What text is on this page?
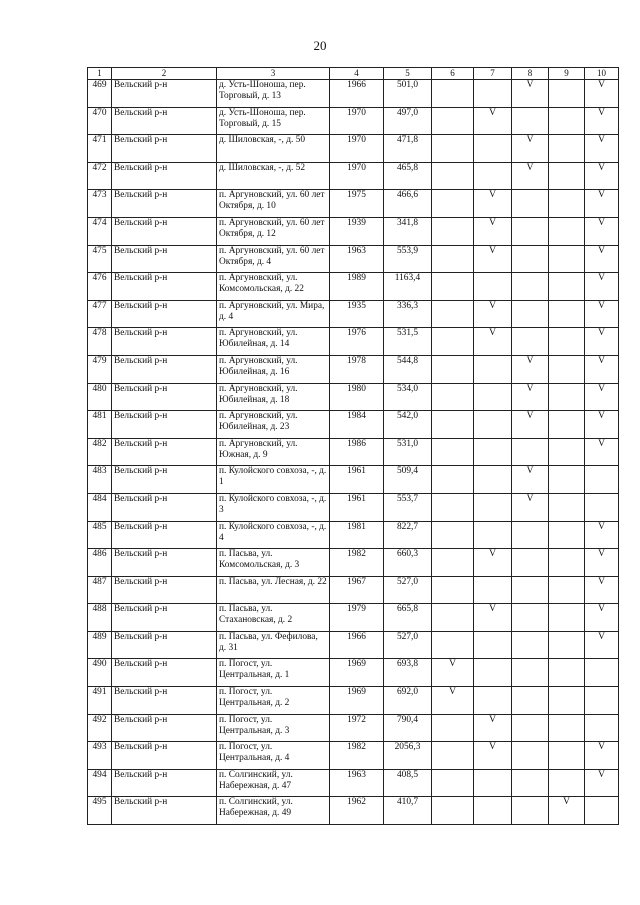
20
1	2	3	4	5	6	7	8	9	10
469	Вельский р-н	д. Усть-Шоноша, пер. Торговый, д. 13	1966	501,0			V		V
470	Вельский р-н	д. Усть-Шоноша, пер. Торговый, д. 15	1970	497,0		V			V
471	Вельский р-н	д. Шиловская, -, д. 50	1970	471,8			V		V
472	Вельский р-н	д. Шиловская, -, д. 52	1970	465,8			V		V
473	Вельский р-н	п. Аргуновский, ул. 60 лет Октября, д. 10	1975	466,6		V			V
474	Вельский р-н	п. Аргуновский, ул. 60 лет Октября, д. 12	1939	341,8		V			V
475	Вельский р-н	п. Аргуновский, ул. 60 лет Октября, д. 4	1963	553,9		V			V
476	Вельский р-н	п. Аргуновский, ул. Комсомольская, д. 22	1989	1163,4					V
477	Вельский р-н	п. Аргуновский, ул. Мира, д. 4	1935	336,3		V			V
478	Вельский р-н	п. Аргуновский, ул. Юбилейная, д. 14	1976	531,5		V			V
479	Вельский р-н	п. Аргуновский, ул. Юбилейная, д. 16	1978	544,8			V		V
480	Вельский р-н	п. Аргуновский, ул. Юбилейная, д. 18	1980	534,0			V		V
481	Вельский р-н	п. Аргуновский, ул. Юбилейная, д. 23	1984	542,0			V		V
482	Вельский р-н	п. Аргуновский, ул. Южная, д. 9	1986	531,0					V
483	Вельский р-н	п. Кулойского совхоза, -, д. 1	1961	509,4			V		
484	Вельский р-н	п. Кулойского совхоза, -, д. 3	1961	553,7			V		
485	Вельский р-н	п. Кулойского совхоза, -, д. 4	1981	822,7					V
486	Вельский р-н	п. Пасьва, ул. Комсомольская, д. 3	1982	660,3		V			V
487	Вельский р-н	п. Пасьва, ул. Лесная, д. 22	1967	527,0					V
488	Вельский р-н	п. Пасьва, ул. Стахановская, д. 2	1979	665,8		V			V
489	Вельский р-н	п. Пасьва, ул. Фефилова, д. 31	1966	527,0					V
490	Вельский р-н	п. Погост, ул. Центральная, д. 1	1969	693,8	V				
491	Вельский р-н	п. Погост, ул. Центральная, д. 2	1969	692,0	V				
492	Вельский р-н	п. Погост, ул. Центральная, д. 3	1972	790,4		V			
493	Вельский р-н	п. Погост, ул. Центральная, д. 4	1982	2056,3		V			V
494	Вельский р-н	п. Солгинский, ул. Набережная, д. 47	1963	408,5					V
495	Вельский р-н	п. Солгинский, ул. Набережная, д. 49	1962	410,7				V	
